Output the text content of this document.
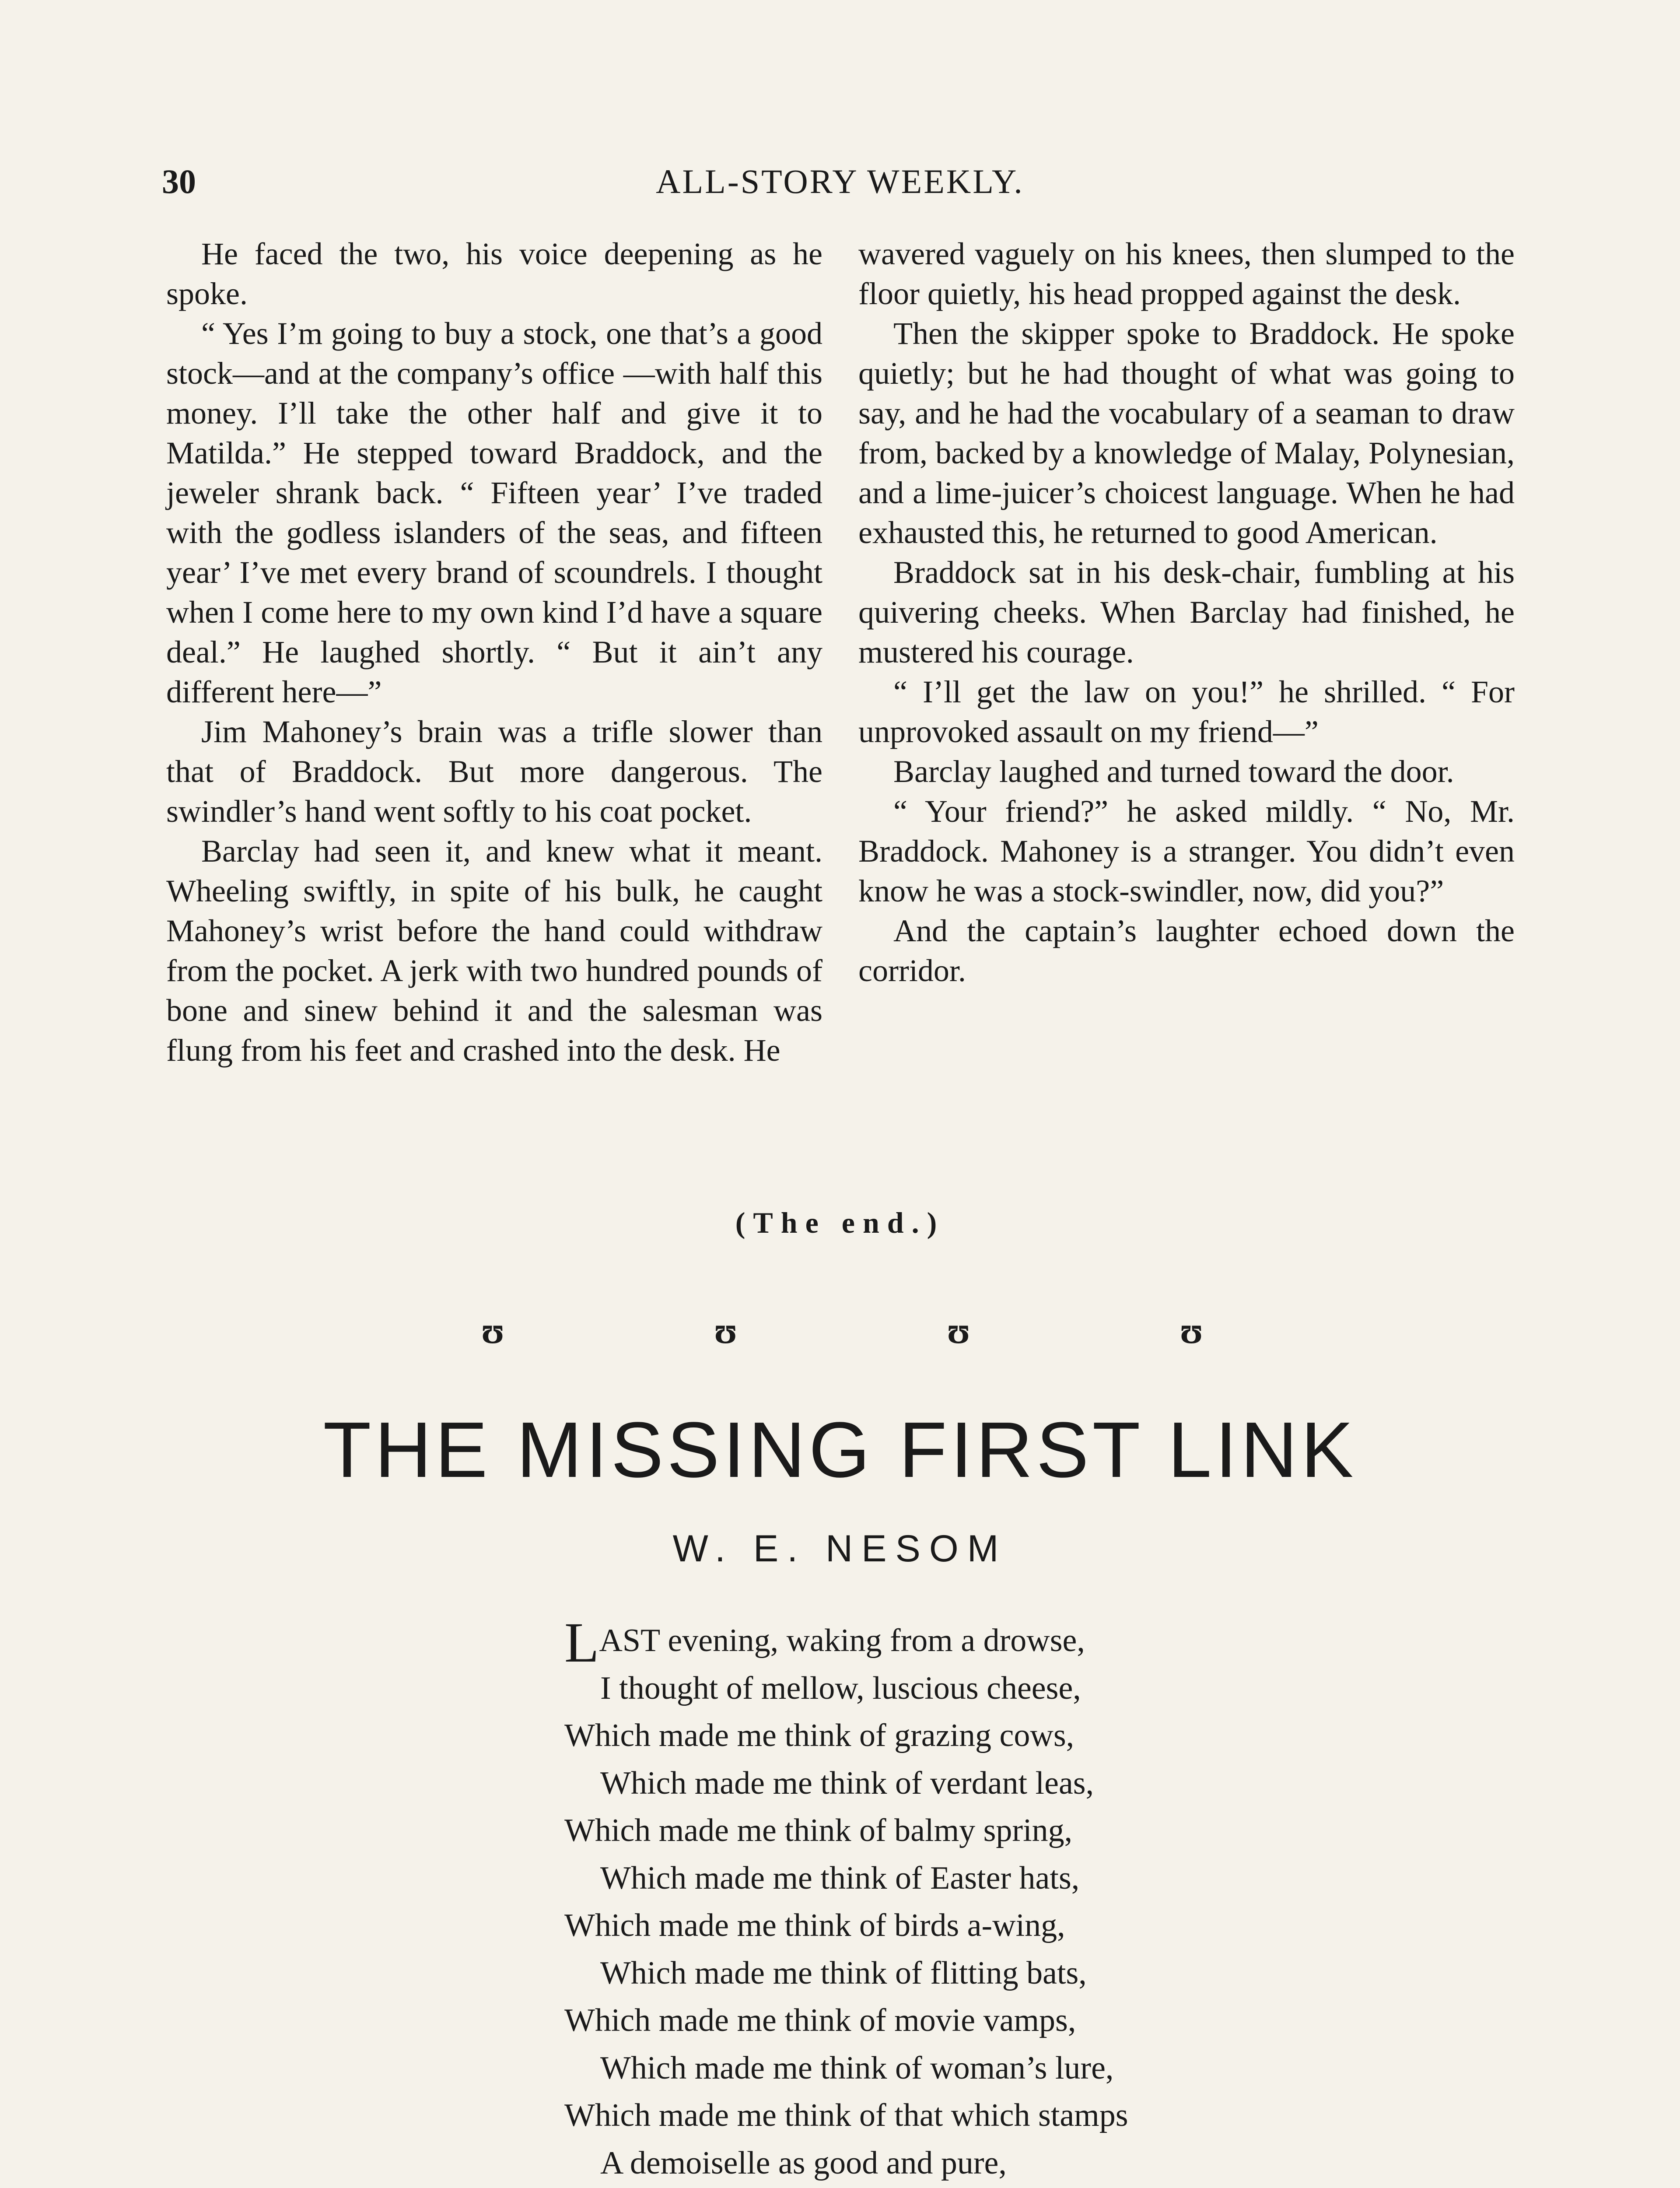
30	ALL-STORY WEEKLY.

He faced the two, his voice deepening as he spoke.

“ Yes I’m going to buy a stock, one that’s a good stock—and at the company’s office —with half this money. I’ll take the other half and give it to Matilda.” He stepped toward Braddock, and the jeweler shrank back. “ Fifteen year’ I’ve traded with the godless islanders of the seas, and fifteen year’ I’ve met every brand of scoundrels. I thought when I come here to my own kind I’d have a square deal.” He laughed shortly. “ But it ain’t any different here—”

Jim Mahoney’s brain was a trifle slower than that of Braddock. But more dangerous. The swindler’s hand went softly to his coat pocket.

Barclay had seen it, and knew what it meant. Wheeling swiftly, in spite of his bulk, he caught Mahoney’s wrist before the hand could withdraw from the pocket. A jerk with two hundred pounds of bone and sinew behind it and the salesman was flung from his feet and crashed into the desk. He

wavered vaguely on his knees, then slumped to the floor quietly, his head propped against the desk.

Then the skipper spoke to Braddock. He spoke quietly; but he had thought of what was going to say, and he had the vocabulary of a seaman to draw from, backed by a knowledge of Malay, Polynesian, and a lime-juicer’s choicest language. When he had exhausted this, he returned to good American.

Braddock sat in his desk-chair, fumbling at his quivering cheeks. When Barclay had finished, he mustered his courage.

“ I’ll get the law on you!” he shrilled. “ For unprovoked assault on my friend—”

Barclay laughed and turned toward the door.

“ Your friend?” he asked mildly. “ No, Mr. Braddock. Mahoney is a stranger. You didn’t even know he was a stock-swindler, now, did you?”

And the captain’s laughter echoed down the corridor.

(The end.)
ʊ	ʊ	ʊ	ʊ
THE MISSING FIRST LINK
W. E. NESOM
LAST evening, waking from a drowse,
I thought of mellow, luscious cheese,
Which made me think of grazing cows,
Which made me think of verdant leas,
Which made me think of balmy spring,
Which made me think of Easter hats,
Which made me think of birds a-wing,
Which made me think of flitting bats,
Which made me think of movie vamps,
Which made me think of woman’s lure,
Which made me think of that which stamps
A demoiselle as good and pure,
